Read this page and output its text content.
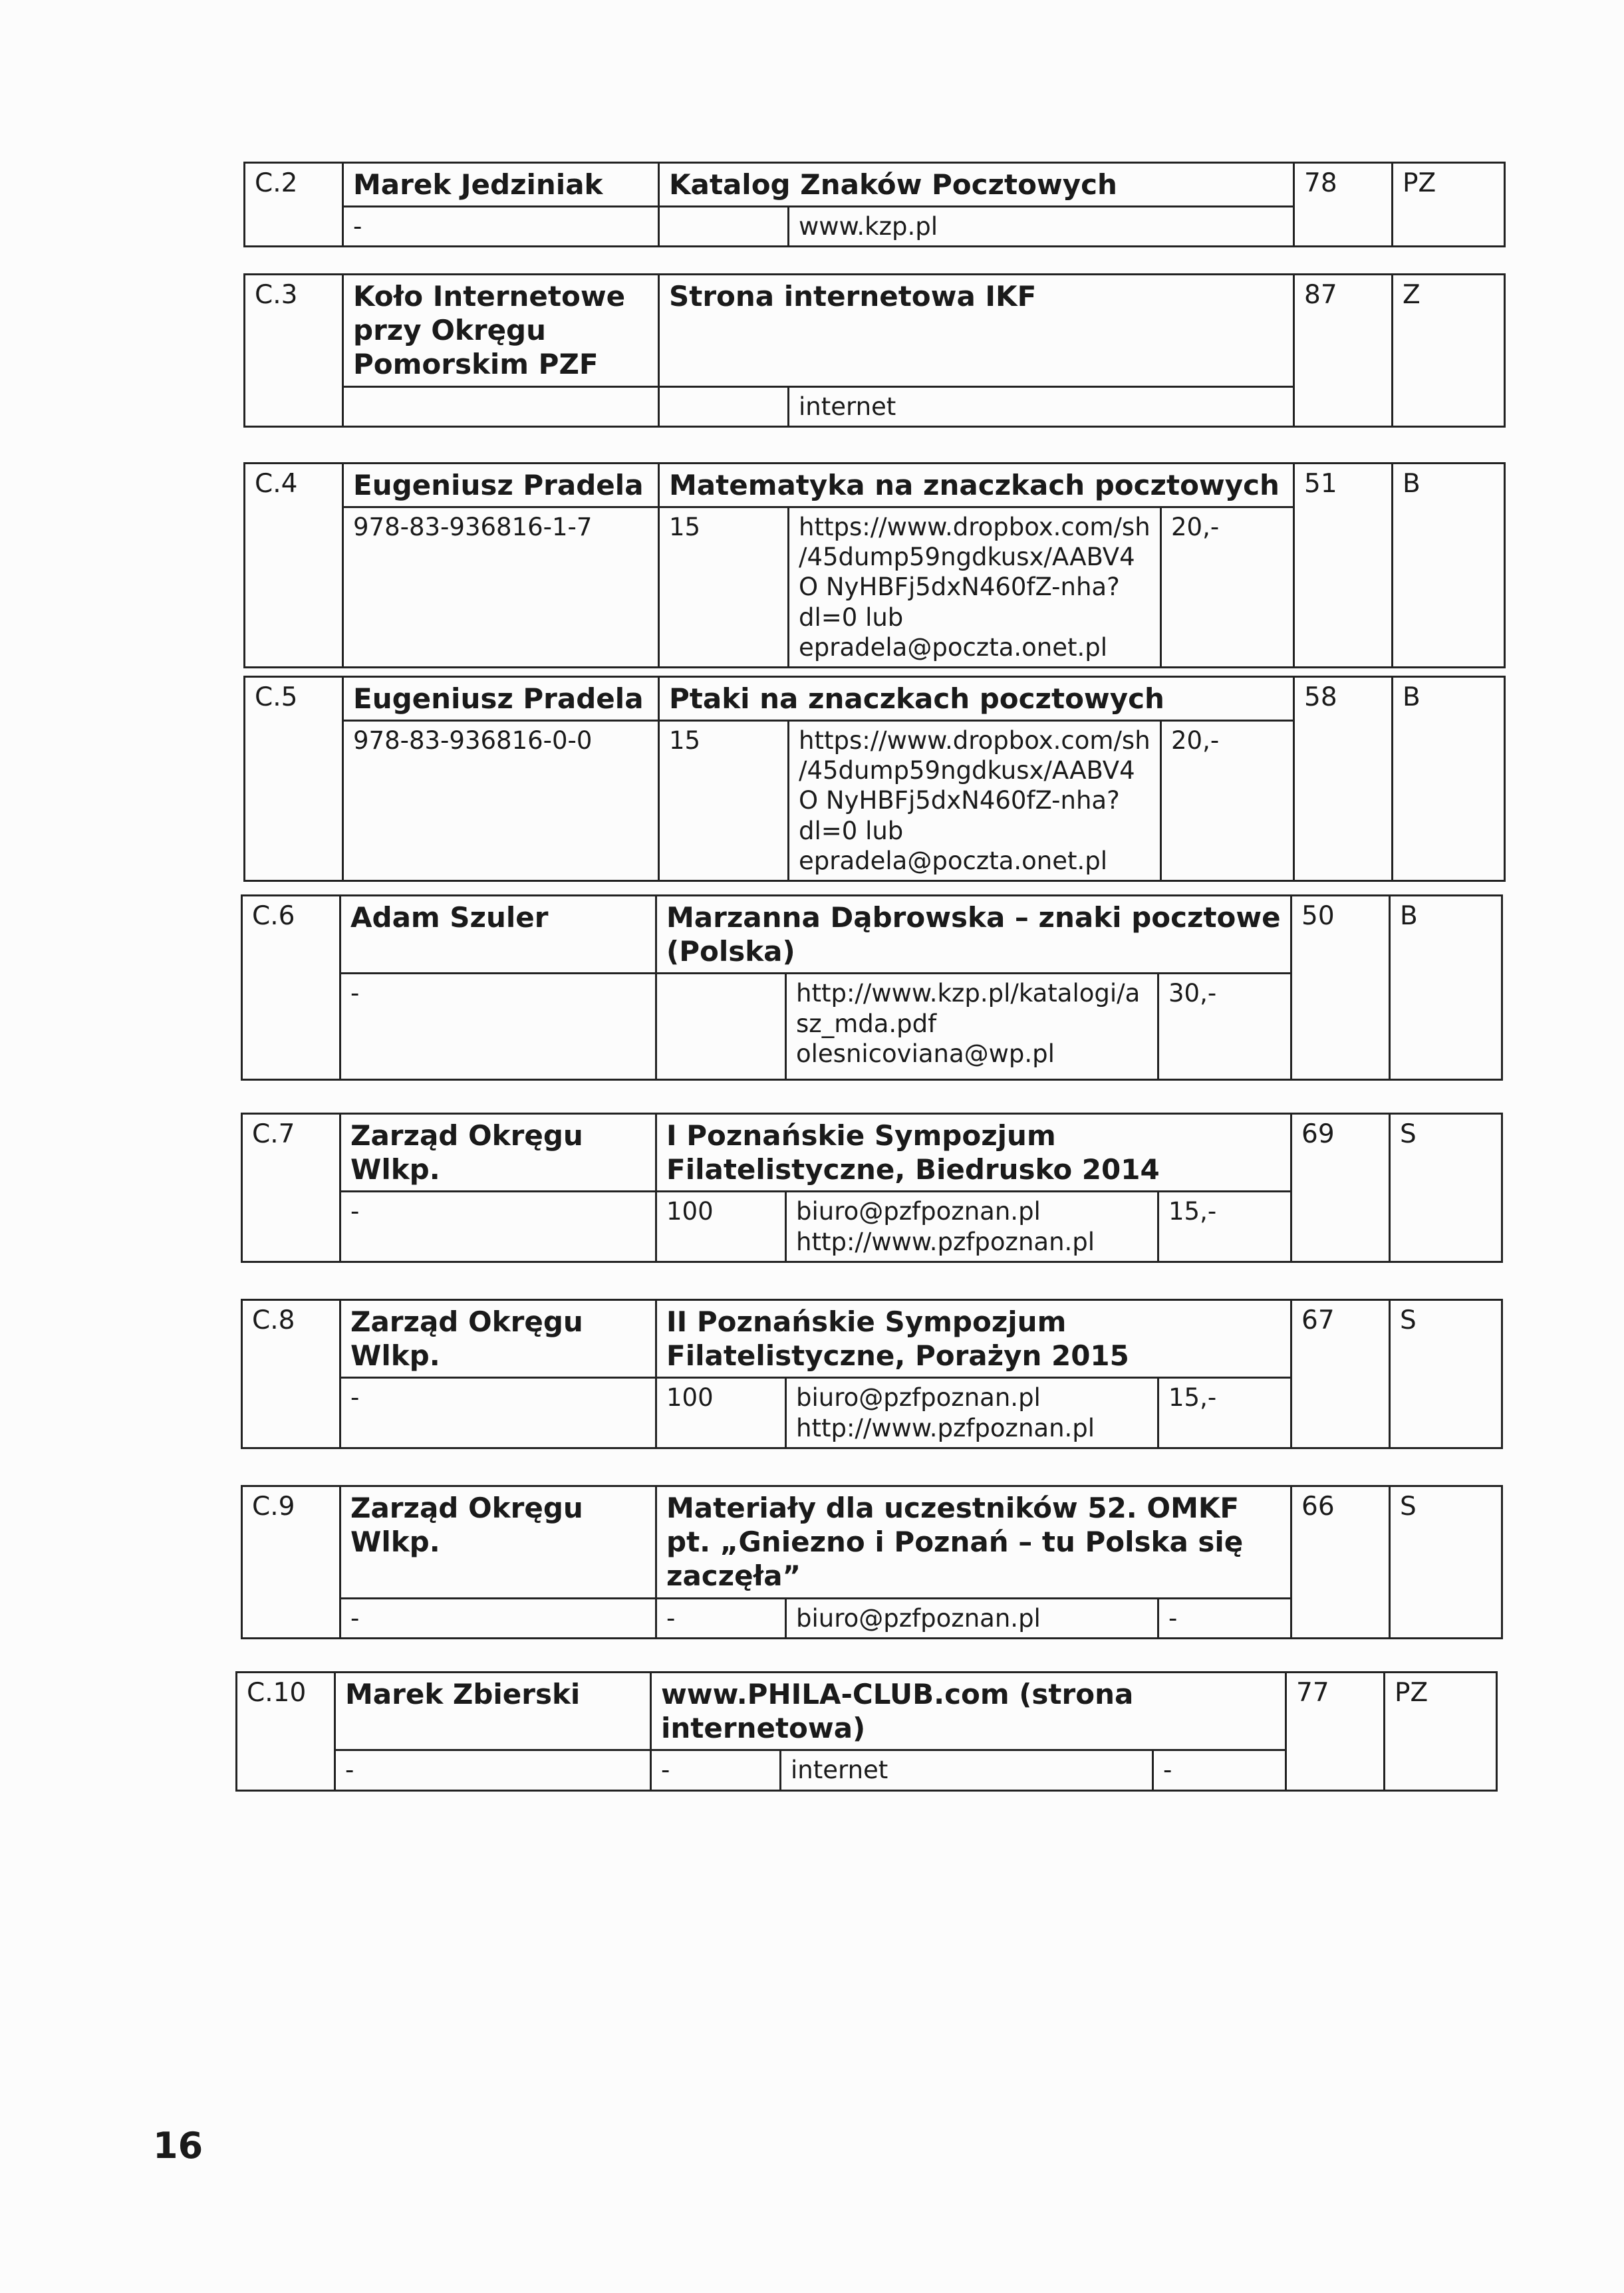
C.2	Marek Jedziniak	Katalog Znaków Pocztowych		78	PZ
	-		www.kzp.pl		
C.3	Koło Internetowe przy Okręgu Pomorskim PZF	Strona internetowa IKF		87	Z
			internet		
C.4	Eugeniusz Pradela	Matematyka na znaczkach pocztowych			51	B
	978-83-936816-1-7	15	https://www.dropbox.com/sh /45dump59ngdkusx/AABV4O NyHBFj5dxN460fZ-nha?dl=0 lub epradela@poczta.onet.pl	20,-		
C.5	Eugeniusz Pradela	Ptaki na znaczkach pocztowych			58	B
	978-83-936816-0-0	15	https://www.dropbox.com/sh /45dump59ngdkusx/AABV4O NyHBFj5dxN460fZ-nha?dl=0 lub epradela@poczta.onet.pl	20,-		
C.6	Adam Szuler	Marzanna Dąbrowska – znaki pocztowe (Polska)			50	B
	-		http://www.kzp.pl/katalogi/a sz_mda.pdf olesnicoviana@wp.pl	30,-		
C.7	Zarząd Okręgu Wlkp.	I Poznańskie Sympozjum Filatelistyczne, Biedrusko 2014			69	S
	-	100	biuro@pzfpoznan.pl http://www.pzfpoznan.pl	15,-		
C.8	Zarząd Okręgu Wlkp.	II Poznańskie Sympozjum Filatelistyczne, Porażyn 2015			67	S
	-	100	biuro@pzfpoznan.pl http://www.pzfpoznan.pl	15,-		
C.9	Zarząd Okręgu Wlkp.	Materiały dla uczestników 52. OMKF pt. „Gniezno i Poznań – tu Polska się zaczęła”			66	S
	-	-	biuro@pzfpoznan.pl	-		
C.10	Marek Zbierski	www.PHILA-CLUB.com (strona internetowa)			77	PZ
	-	-	internet	-		
16
